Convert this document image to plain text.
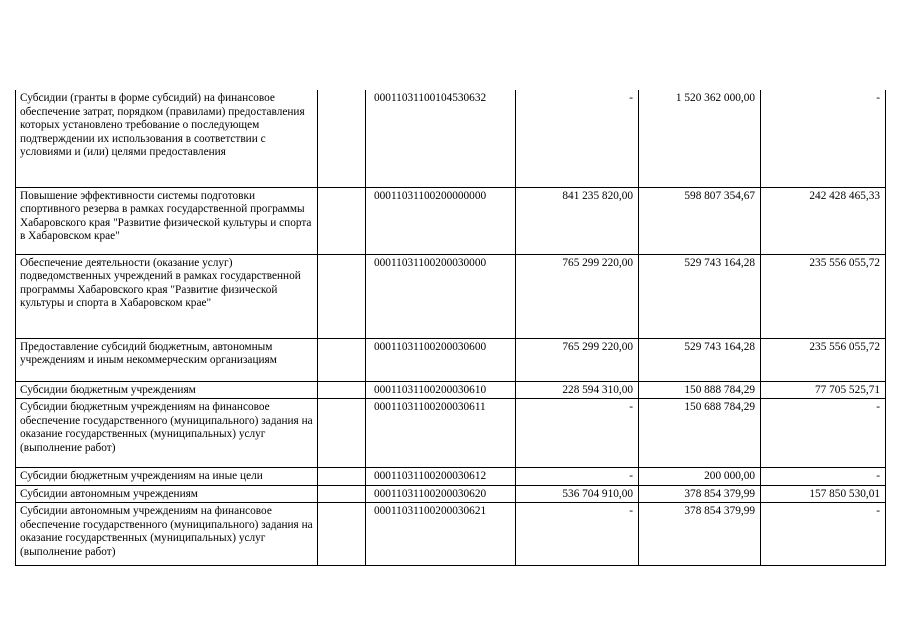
Субсидии (гранты в форме субсидий) на финансовое обеспечение затрат, порядком (правилами) предоставления которых установлено требование о последующем подтверждении их использования в соответствии с условиями и (или) целями предоставления		00011031100104530632	-	1 520 362 000,00	-
Повышение эффективности системы подготовки спортивного резерва в рамках государственной программы Хабаровского края "Развитие физической культуры и спорта в Хабаровском крае"		00011031100200000000	841 235 820,00	598 807 354,67	242 428 465,33
Обеспечение деятельности (оказание услуг) подведомственных учреждений в рамках государственной программы Хабаровского края "Развитие физической культуры и спорта в Хабаровском крае"		00011031100200030000	765 299 220,00	529 743 164,28	235 556 055,72
Предоставление субсидий бюджетным, автономным учреждениям и иным некоммерческим организациям		00011031100200030600	765 299 220,00	529 743 164,28	235 556 055,72
Субсидии бюджетным учреждениям		00011031100200030610	228 594 310,00	150 888 784,29	77 705 525,71
Субсидии бюджетным учреждениям на финансовое обеспечение государственного (муниципального) задания на оказание государственных (муниципальных) услуг (выполнение работ)		00011031100200030611	-	150 688 784,29	-
Субсидии бюджетным учреждениям на иные цели		00011031100200030612	-	200 000,00	-
Субсидии автономным учреждениям		00011031100200030620	536 704 910,00	378 854 379,99	157 850 530,01
Субсидии автономным учреждениям на финансовое обеспечение государственного (муниципального) задания на оказание государственных (муниципальных) услуг (выполнение работ)		00011031100200030621	-	378 854 379,99	-
